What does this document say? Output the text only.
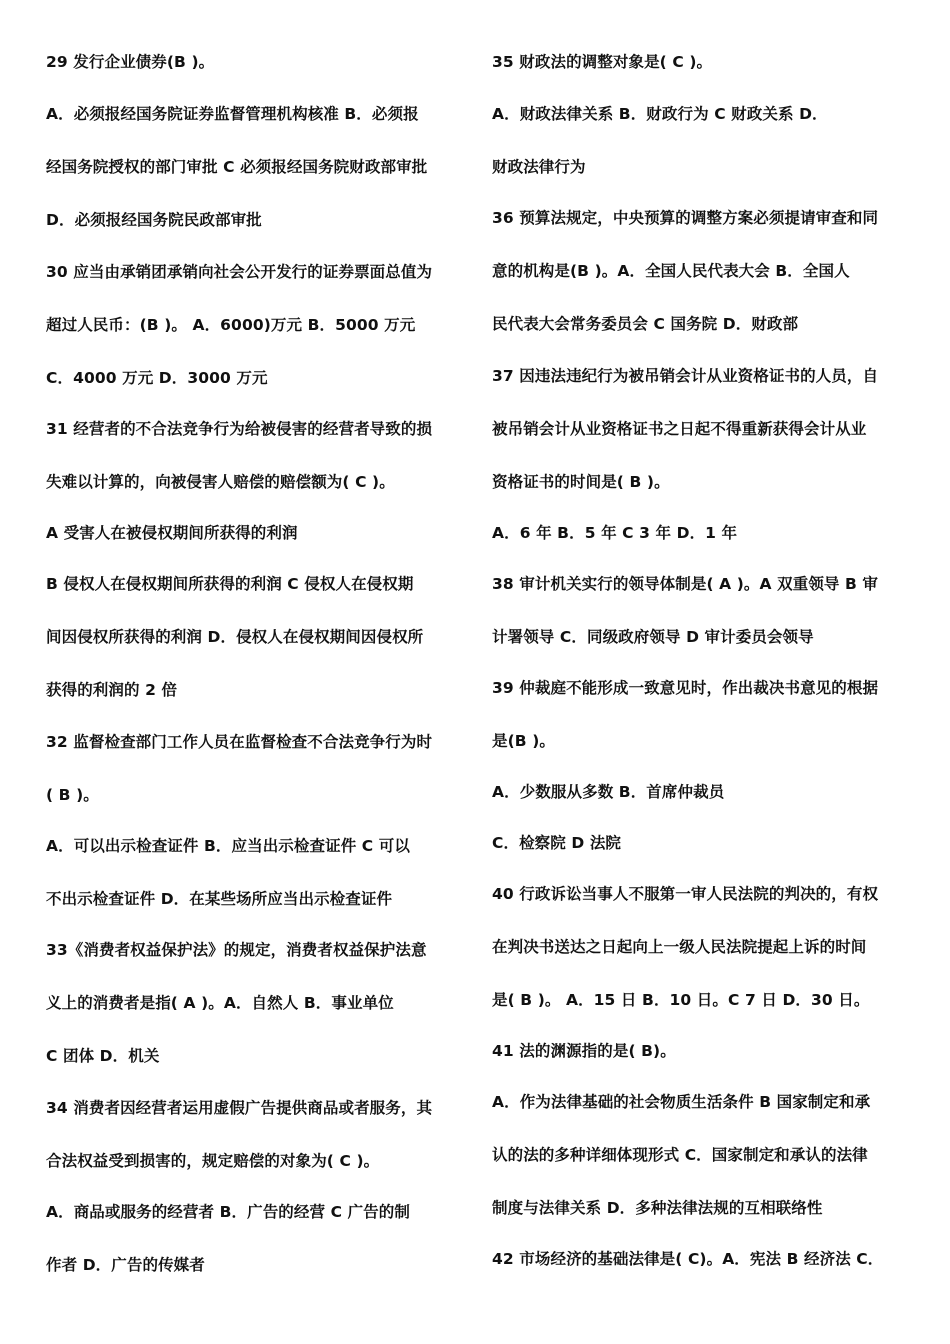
29 发行企业债券(B )。
A．必须报经国务院证券监督管理机构核准 B．必须报
经国务院授权的部门审批 C 必须报经国务院财政部审批
D．必须报经国务院民政部审批
30 应当由承销团承销向社会公开发行的证券票面总值为
超过人民币：(B )。 A．6000)万元 B．5000 万元
C．4000 万元 D．3000 万元
31 经营者的不合法竞争行为给被侵害的经营者导致的损
失难以计算的，向被侵害人赔偿的赔偿额为( C )。
A 受害人在被侵权期间所获得的利润
B 侵权人在侵权期间所获得的利润 C 侵权人在侵权期
间因侵权所获得的利润 D．侵权人在侵权期间因侵权所
获得的利润的 2 倍
32 监督检查部门工作人员在监督检查不合法竞争行为时
( B )。
A．可以出示检查证件 B．应当出示检查证件 C 可以
不出示检查证件 D．在某些场所应当出示检查证件
33《消费者权益保护法》的规定，消费者权益保护法意
义上的消费者是指( A )。A．自然人 B．事业单位
C 团体 D．机关
34 消费者因经营者运用虚假广告提供商品或者服务，其
合法权益受到损害的，规定赔偿的对象为( C )。
A．商品或服务的经营者 B．广告的经营 C 广告的制
作者 D．广告的传媒者
35 财政法的调整对象是( C )。
A．财政法律关系 B．财政行为 C 财政关系 D．
财政法律行为
36 预算法规定，中央预算的调整方案必须提请审查和同
意的机构是(B )。A．全国人民代表大会 B．全国人
民代表大会常务委员会 C 国务院 D．财政部
37 因违法违纪行为被吊销会计从业资格证书的人员，自
被吊销会计从业资格证书之日起不得重新获得会计从业
资格证书的时间是( B )。
A．6 年 B．5 年 C 3 年 D．1 年
38 审计机关实行的领导体制是( A )。A 双重领导 B 审
计署领导 C．同级政府领导 D 审计委员会领导
39 仲裁庭不能形成一致意见时，作出裁决书意见的根据
是(B )。
A．少数服从多数 B．首席仲裁员
C．检察院 D 法院
40 行政诉讼当事人不服第一审人民法院的判决的，有权
在判决书送达之日起向上一级人民法院提起上诉的时间
是( B )。 A．15 日 B．10 日。C 7 日 D．30 日。
41 法的渊源指的是( B)。
A．作为法律基础的社会物质生活条件 B 国家制定和承
认的法的多种详细体现形式 C．国家制定和承认的法律
制度与法律关系 D．多种法律法规的互相联络性
42 市场经济的基础法律是( C)。A．宪法 B 经济法 C．
